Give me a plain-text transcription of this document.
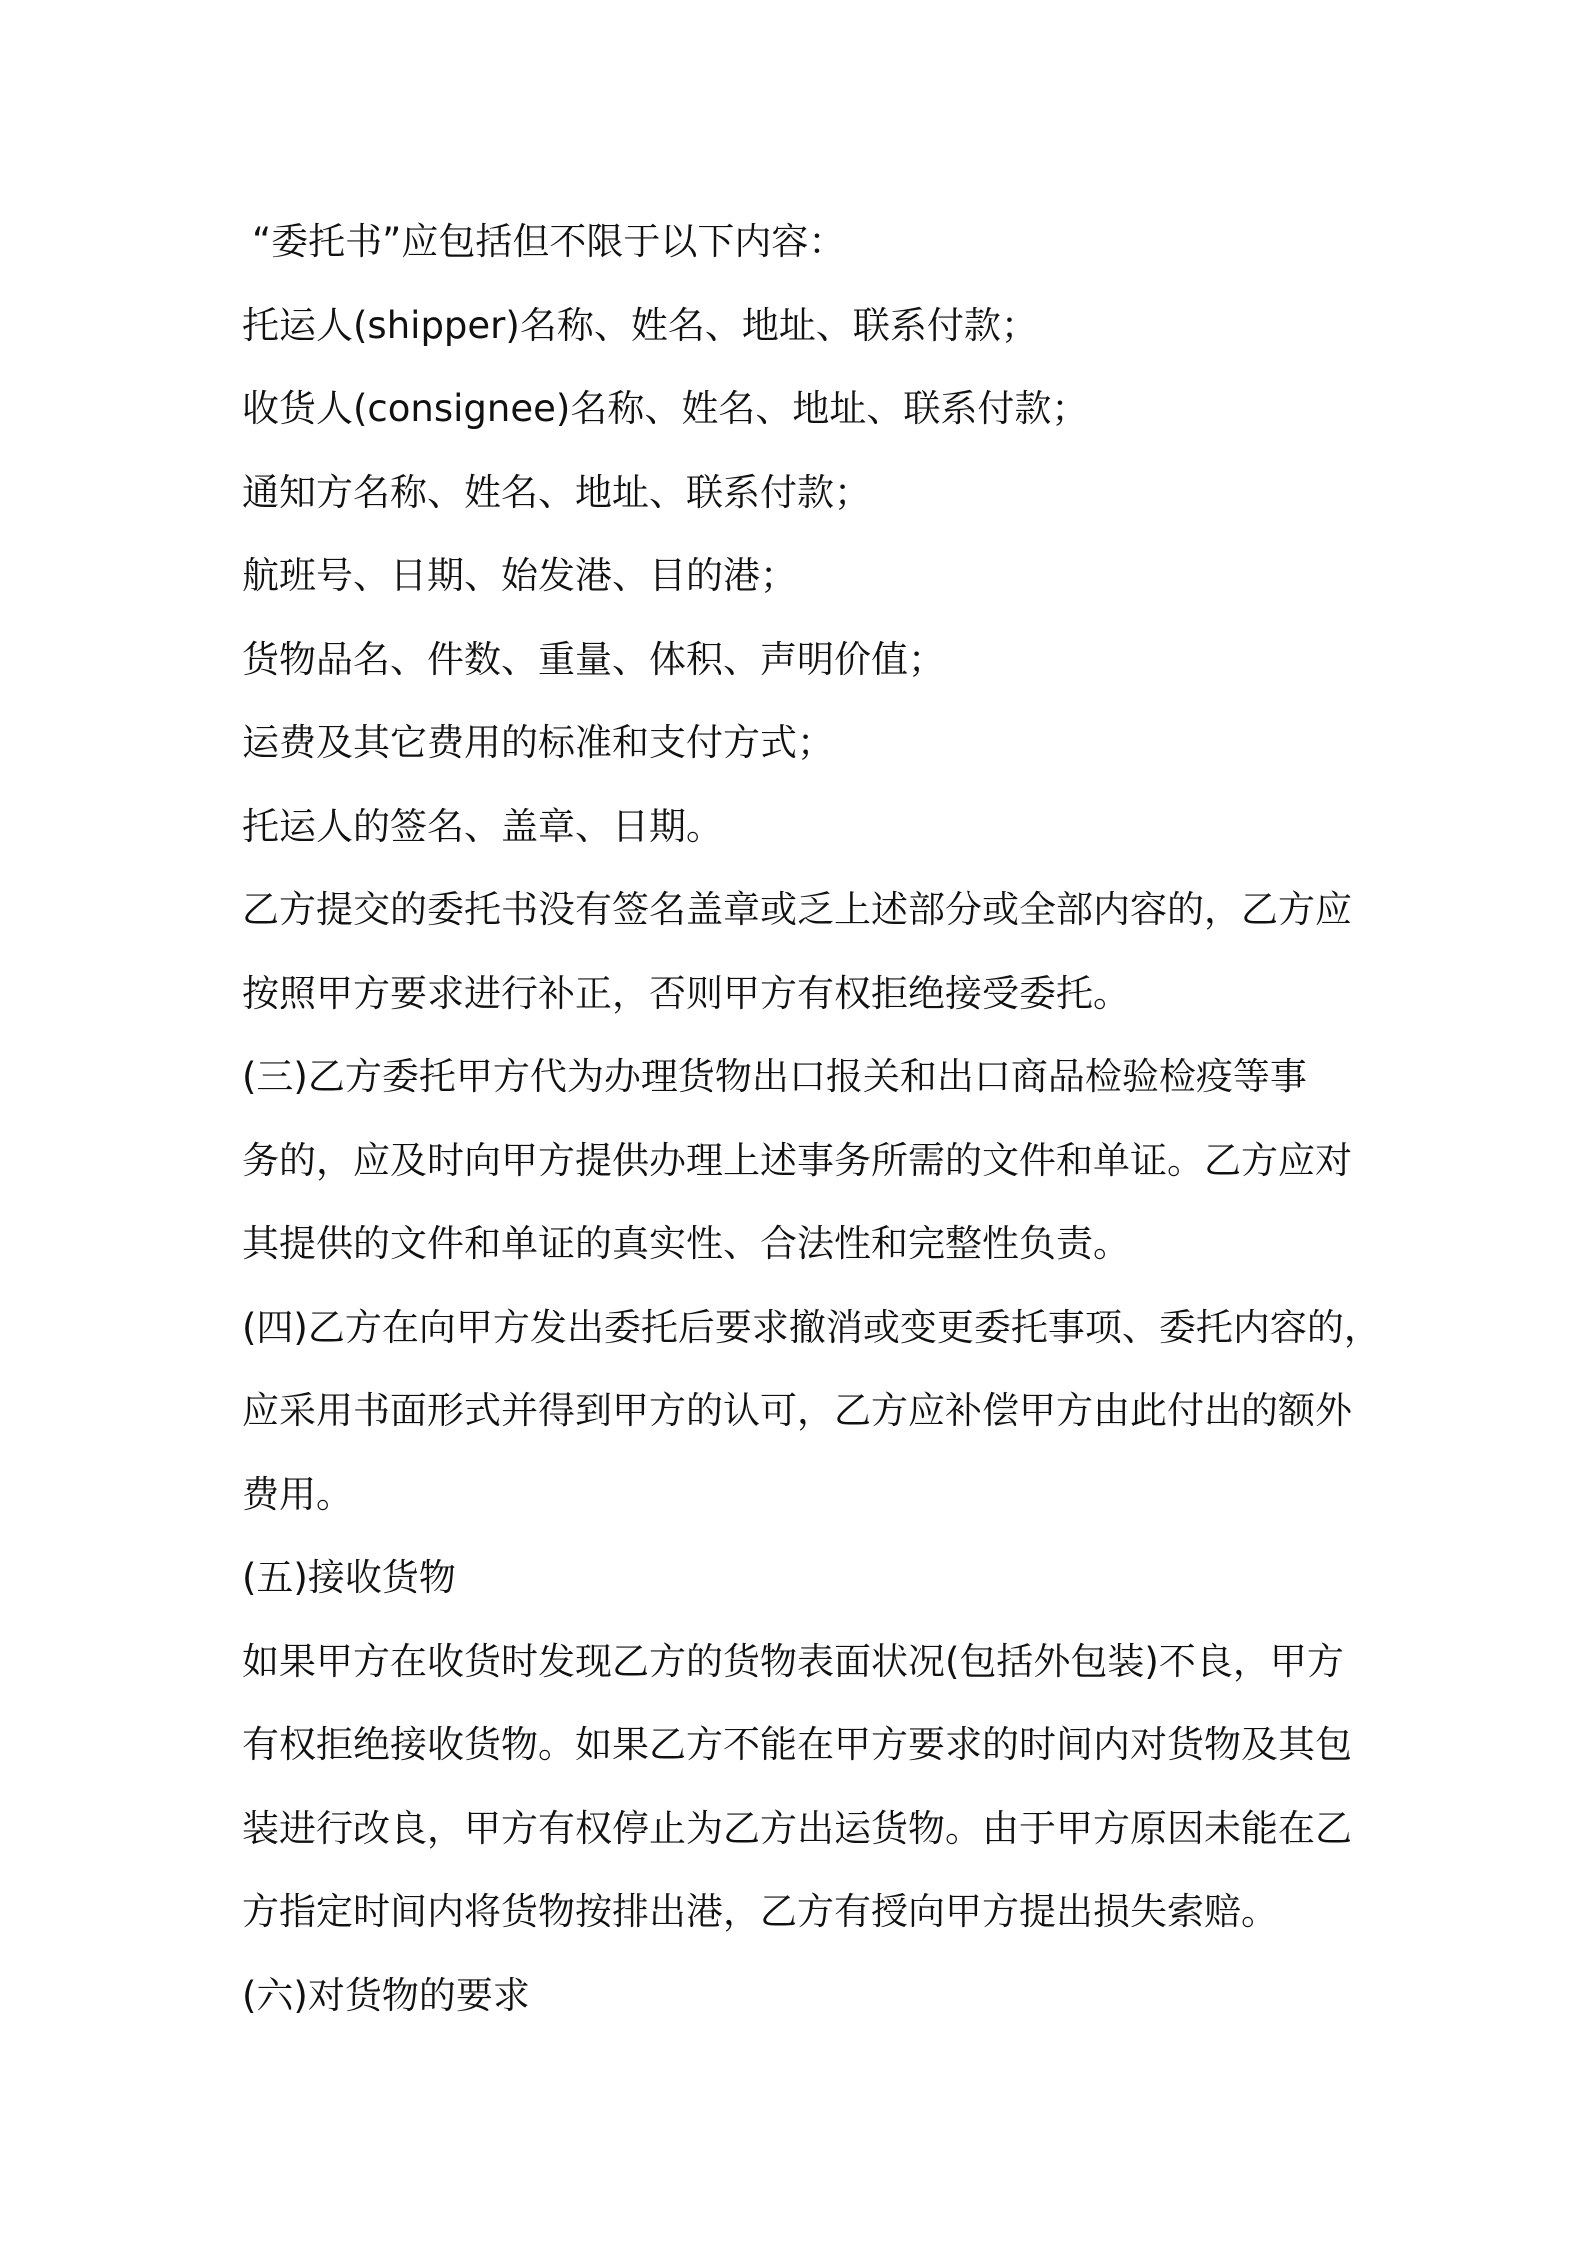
“委托书”应包括但不限于以下内容：
托运人(shipper)名称、姓名、地址、联系付款；
收货人(consignee)名称、姓名、地址、联系付款；
通知方名称、姓名、地址、联系付款；
航班号、日期、始发港、目的港；
货物品名、件数、重量、体积、声明价值；
运费及其它费用的标准和支付方式；
托运人的签名、盖章、日期。
乙方提交的委托书没有签名盖章或乏上述部分或全部内容的，乙方应
按照甲方要求进行补正，否则甲方有权拒绝接受委托。
(三)乙方委托甲方代为办理货物出口报关和出口商品检验检疫等事
务的，应及时向甲方提供办理上述事务所需的文件和单证。乙方应对
其提供的文件和单证的真实性、合法性和完整性负责。
(四)乙方在向甲方发出委托后要求撤消或变更委托事项、委托内容的，
应采用书面形式并得到甲方的认可，乙方应补偿甲方由此付出的额外
费用。
(五)接收货物
如果甲方在收货时发现乙方的货物表面状况(包括外包装)不良，甲方
有权拒绝接收货物。如果乙方不能在甲方要求的时间内对货物及其包
装进行改良，甲方有权停止为乙方出运货物。由于甲方原因未能在乙
方指定时间内将货物按排出港，乙方有授向甲方提出损失索赔。
(六)对货物的要求
